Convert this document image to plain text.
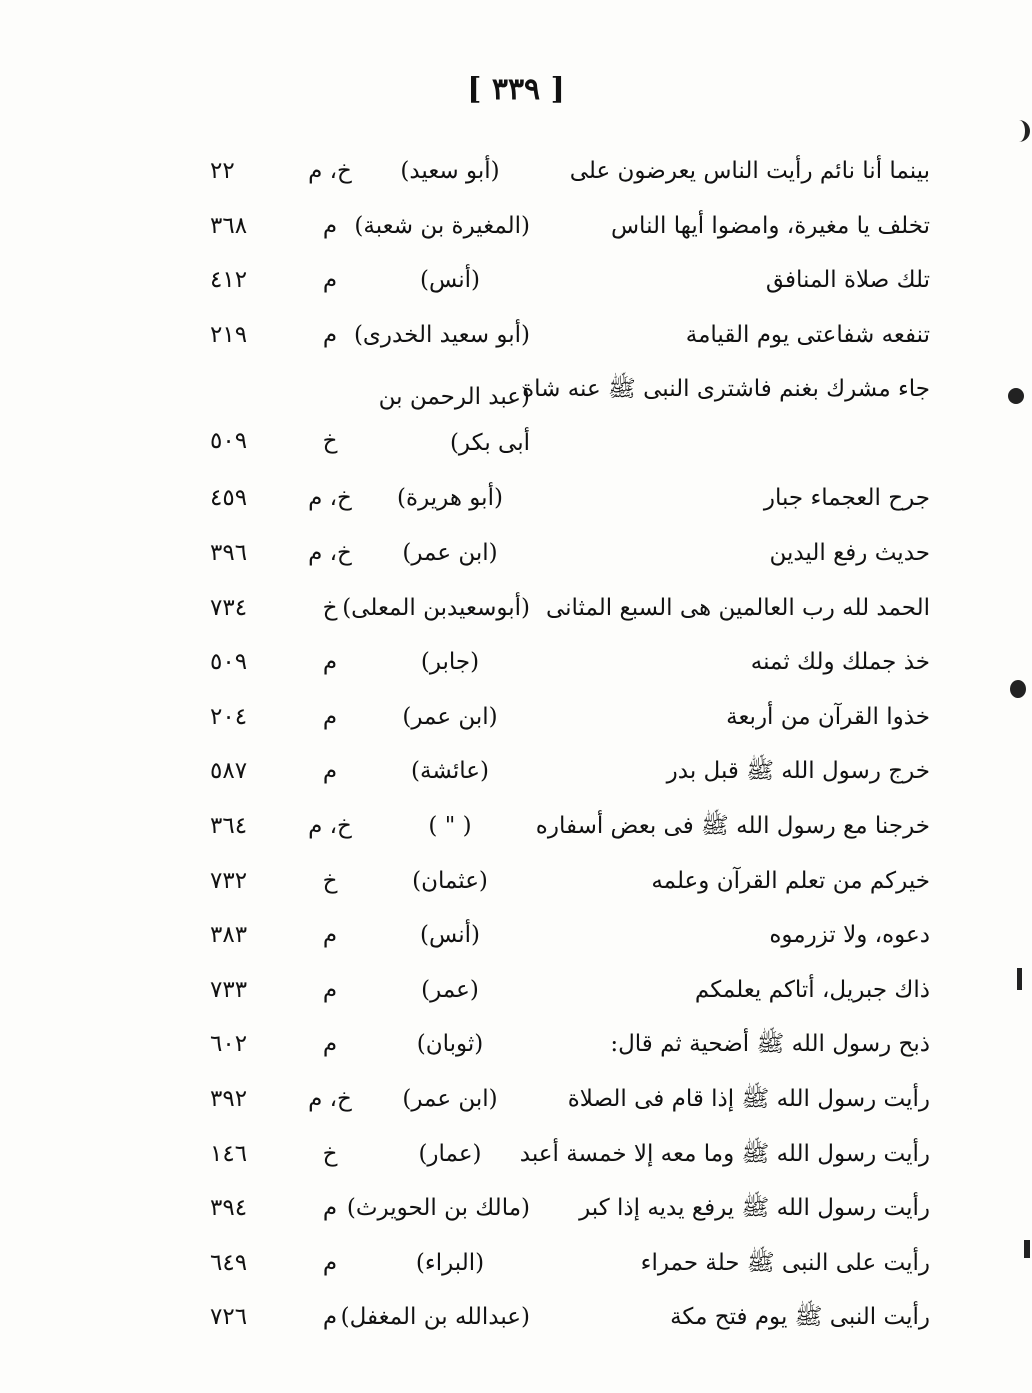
[ ٣٣٩ ]
بينما أنا نائم رأيت الناس يعرضون على
(أبو سعيد)
خ، م
٢٢
تخلف يا مغيرة، وامضوا أيها الناس
(المغيرة بن شعبة)
م
٣٦٨
تلك صلاة المنافق
(أنس)
م
٤١٢
تنفعه شفاعتى يوم القيامة
(أبو سعيد الخدرى)
م
٢١٩
جاء مشرك بغنم فاشترى النبى ﷺ عنه شاة
(عبد الرحمن بن أبى بكر)
خ
٥٠٩
جرح العجماء جبار
(أبو هريرة)
خ، م
٤٥٩
حديث رفع اليدين
(ابن عمر)
خ، م
٣٩٦
الحمد لله رب العالمين هى السبع المثانى
(أبوسعيدبن المعلى)
خ
٧٣٤
خذ جملك ولك ثمنه
(جابر)
م
٥٠٩
خذوا القرآن من أربعة
(ابن عمر)
م
٢٠٤
خرج رسول الله ﷺ قبل بدر
(عائشة)
م
٥٨٧
خرجنا مع رسول الله ﷺ فى بعض أسفاره
( " )
خ، م
٣٦٤
خيركم من تعلم القرآن وعلمه
(عثمان)
خ
٧٣٢
دعوه، ولا تزرموه
(أنس)
م
٣٨٣
ذاك جبريل، أتاكم يعلمكم
(عمر)
م
٧٣٣
ذبح رسول الله ﷺ أضحية ثم قال:
(ثوبان)
م
٦٠٢
رأيت رسول الله ﷺ إذا قام فى الصلاة
(ابن عمر)
خ، م
٣٩٢
رأيت رسول الله ﷺ وما معه إلا خمسة أعبد
(عمار)
خ
١٤٦
رأيت رسول الله ﷺ يرفع يديه إذا كبر
(مالك بن الحويرث)
م
٣٩٤
رأيت على النبى ﷺ حلة حمراء
(البراء)
م
٦٤٩
رأيت النبى ﷺ يوم فتح مكة
(عبدالله بن المغفل)
م
٧٢٦
